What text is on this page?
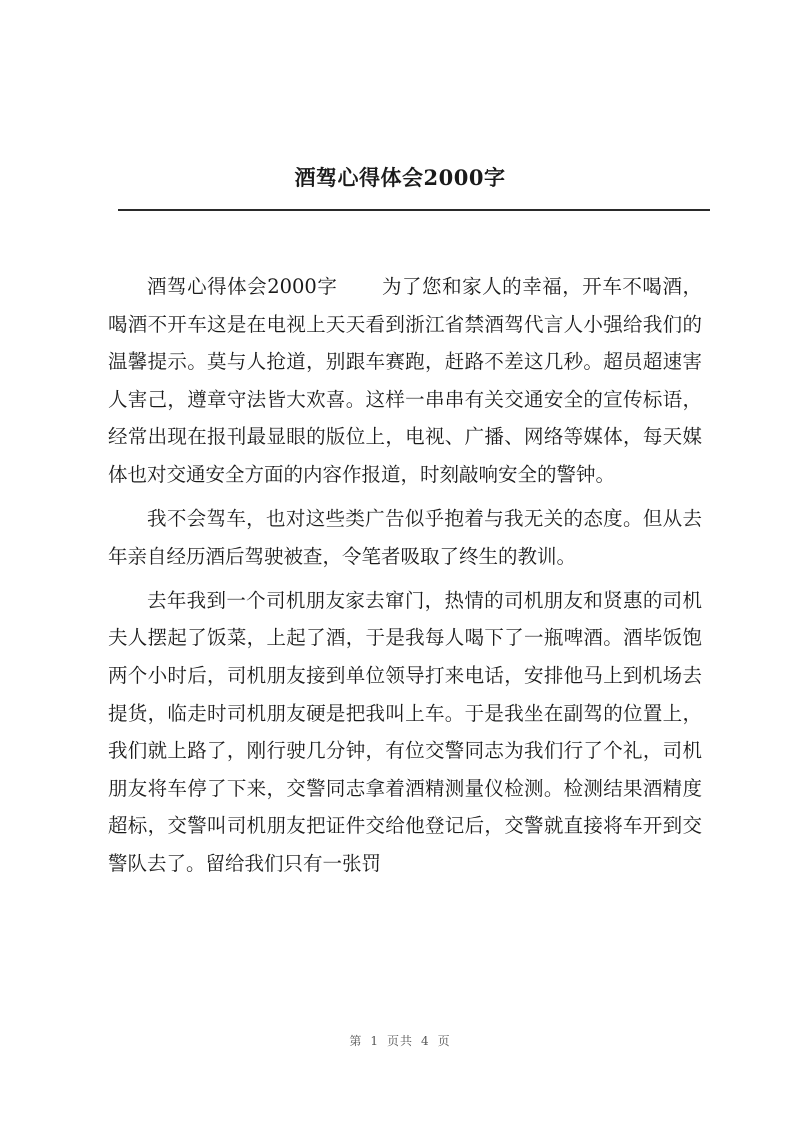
酒驾心得体会2000字

酒驾心得体会2000字 为了您和家人的幸福，开车不喝酒，喝酒不开车这是在电视上天天看到浙江省禁酒驾代言人小强给我们的温馨提示。莫与人抢道，别跟车赛跑，赶路不差这几秒。超员超速害人害己，遵章守法皆大欢喜。这样一串串有关交通安全的宣传标语，经常出现在报刊最显眼的版位上，电视、广播、网络等媒体，每天媒体也对交通安全方面的内容作报道，时刻敲响安全的警钟。

我不会驾车，也对这些类广告似乎抱着与我无关的态度。但从去年亲自经历酒后驾驶被查，令笔者吸取了终生的教训。

去年我到一个司机朋友家去窜门，热情的司机朋友和贤惠的司机夫人摆起了饭菜，上起了酒，于是我每人喝下了一瓶啤酒。酒毕饭饱两个小时后，司机朋友接到单位领导打来电话，安排他马上到机场去提货，临走时司机朋友硬是把我叫上车。于是我坐在副驾的位置上，我们就上路了，刚行驶几分钟，有位交警同志为我们行了个礼，司机朋友将车停了下来，交警同志拿着酒精测量仪检测。检测结果酒精度超标，交警叫司机朋友把证件交给他登记后，交警就直接将车开到交警队去了。留给我们只有一张罚

第 1 页共 4 页
